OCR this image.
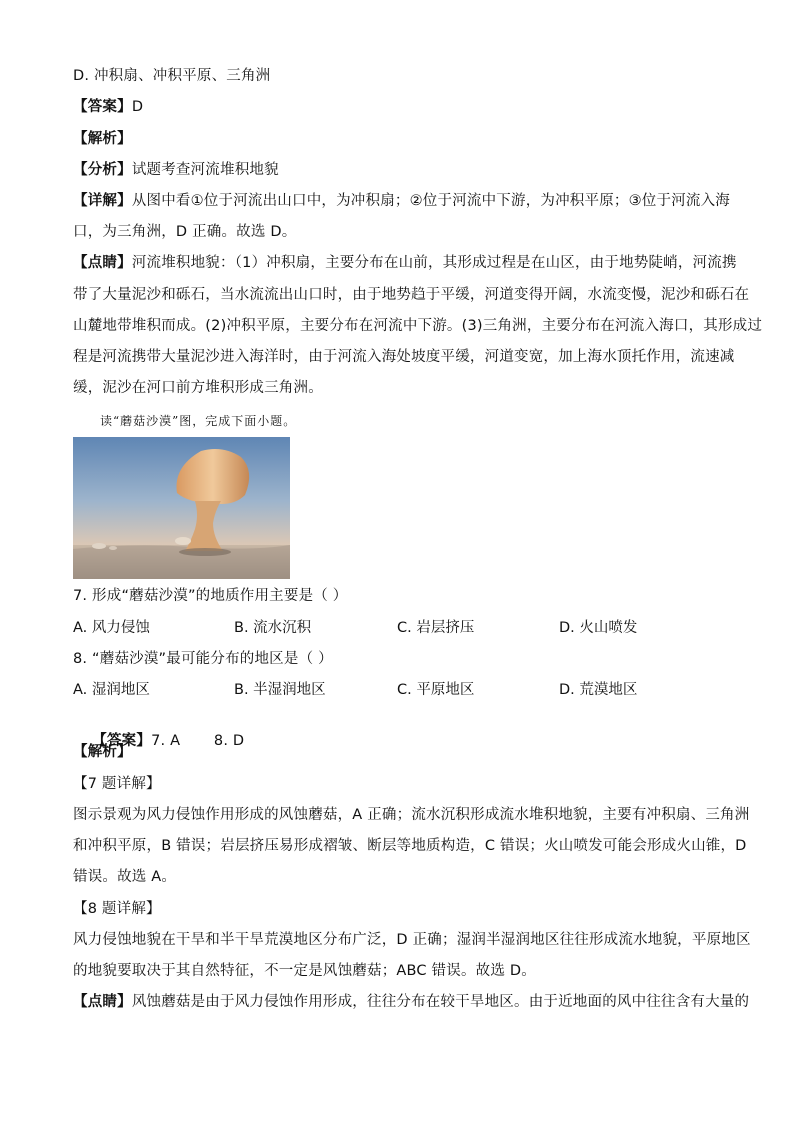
D. 冲积扇、冲积平原、三角洲
【答案】D
【解析】
【分析】试题考查河流堆积地貌
【详解】从图中看①位于河流出山口中，为冲积扇；②位于河流中下游，为冲积平原；③位于河流入海
口，为三角洲，D 正确。故选 D。
【点睛】河流堆积地貌：（1）冲积扇，主要分布在山前，其形成过程是在山区，由于地势陡峭，河流携
带了大量泥沙和砾石，当水流流出山口时，由于地势趋于平缓，河道变得开阔，水流变慢，泥沙和砾石在
山麓地带堆积而成。(2)冲积平原，主要分布在河流中下游。(3)三角洲，主要分布在河流入海口，其形成过
程是河流携带大量泥沙进入海洋时，由于河流入海处坡度平缓，河道变宽，加上海水顶托作用，流速减
缓，泥沙在河口前方堆积形成三角洲。
读“蘑菇沙漠”图，完成下面小题。
7. 形成“蘑菇沙漠”的地质作用主要是（ ）
A. 风力侵蚀	B. 流水沉积	C. 岩层挤压	D. 火山喷发
8. “蘑菇沙漠”最可能分布的地区是（ ）
A. 湿润地区	B. 半湿润地区	C. 平原地区	D. 荒漠地区

【答案】7. A       8. D

【解析】
【7 题详解】
图示景观为风力侵蚀作用形成的风蚀蘑菇，A 正确；流水沉积形成流水堆积地貌，主要有冲积扇、三角洲
和冲积平原，B 错误；岩层挤压易形成褶皱、断层等地质构造，C 错误；火山喷发可能会形成火山锥，D
错误。故选 A。
【8 题详解】
风力侵蚀地貌在干旱和半干旱荒漠地区分布广泛，D 正确；湿润半湿润地区往往形成流水地貌，平原地区
的地貌要取决于其自然特征，不一定是风蚀蘑菇；ABC 错误。故选 D。
【点睛】风蚀蘑菇是由于风力侵蚀作用形成，往往分布在较干旱地区。由于近地面的风中往往含有大量的
